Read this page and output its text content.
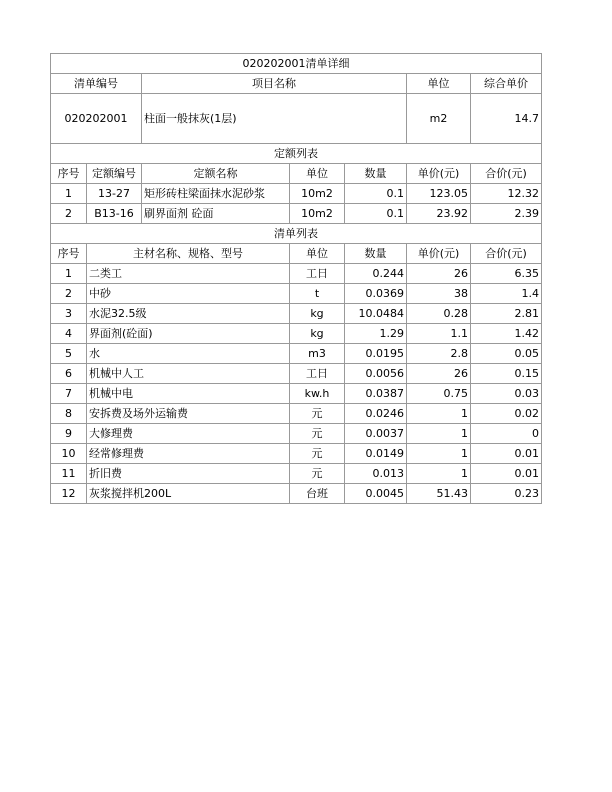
020202001清单详细						
清单编号		项目名称			单位	综合单价
020202001		柱面一般抹灰(1层)			m2	14.7
定额列表						
序号	定额编号	定额名称	单位	数量	单价(元)	合价(元)
1	13-27	矩形砖柱梁面抹水泥砂浆	10m2	0.1	123.05	12.32
2	B13-16	刷界面剂 砼面	10m2	0.1	23.92	2.39
清单列表						
序号	主材名称、规格、型号		单位	数量	单价(元)	合价(元)
1	二类工		工日	0.244	26	6.35
2	中砂		t	0.0369	38	1.4
3	水泥32.5级		kg	10.0484	0.28	2.81
4	界面剂(砼面)		kg	1.29	1.1	1.42
5	水		m3	0.0195	2.8	0.05
6	机械中人工		工日	0.0056	26	0.15
7	机械中电		kw.h	0.0387	0.75	0.03
8	安拆费及场外运输费		元	0.0246	1	0.02
9	大修理费		元	0.0037	1	0
10	经常修理费		元	0.0149	1	0.01
11	折旧费		元	0.013	1	0.01
12	灰浆搅拌机200L		台班	0.0045	51.43	0.23
